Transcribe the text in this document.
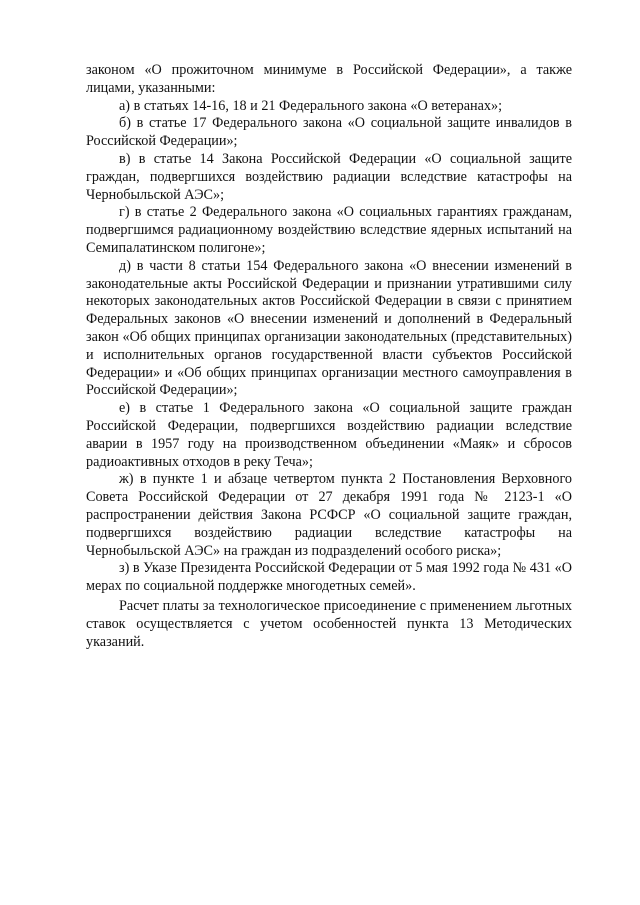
законом «О прожиточном минимуме в Российской Федерации», а также лицами, указанными:

а) в статьях 14-16, 18 и 21 Федерального закона «О ветеранах»;

б) в статье 17 Федерального закона «О социальной защите инвалидов в Российской Федерации»;

в) в статье 14 Закона Российской Федерации «О социальной защите граждан, подвергшихся воздействию радиации вследствие катастрофы на Чернобыльской АЭС»;

г) в статье 2 Федерального закона «О социальных гарантиях гражданам, подвергшимся радиационному воздействию вследствие ядерных испытаний на Семипалатинском полигоне»;

д) в части 8 статьи 154 Федерального закона «О внесении изменений в законодательные акты Российской Федерации и признании утратившими силу некоторых законодательных актов Российской Федерации в связи с принятием Федеральных законов «О внесении изменений и дополнений в Федеральный закон «Об общих принципах организации законодательных (представительных) и исполнительных органов государственной власти субъектов Российской Федерации» и «Об общих принципах организации местного самоуправления в Российской Федерации»;

е) в статье 1 Федерального закона «О социальной защите граждан Российской Федерации, подвергшихся воздействию радиации вследствие аварии в 1957 году на производственном объединении «Маяк» и сбросов радиоактивных отходов в реку Теча»;

ж) в пункте 1 и абзаце четвертом пункта 2 Постановления Верховного Совета Российской Федерации от 27 декабря 1991 года № 2123-1 «О распространении действия Закона РСФСР «О социальной защите граждан, подвергшихся воздействию радиации вследствие катастрофы на Чернобыльской АЭС» на граждан из подразделений особого риска»;

з) в Указе Президента Российской Федерации от 5 мая 1992 года № 431 «О мерах по социальной поддержке многодетных семей».

Расчет платы за технологическое присоединение с применением льготных ставок осуществляется с учетом особенностей пункта 13 Методических указаний.
